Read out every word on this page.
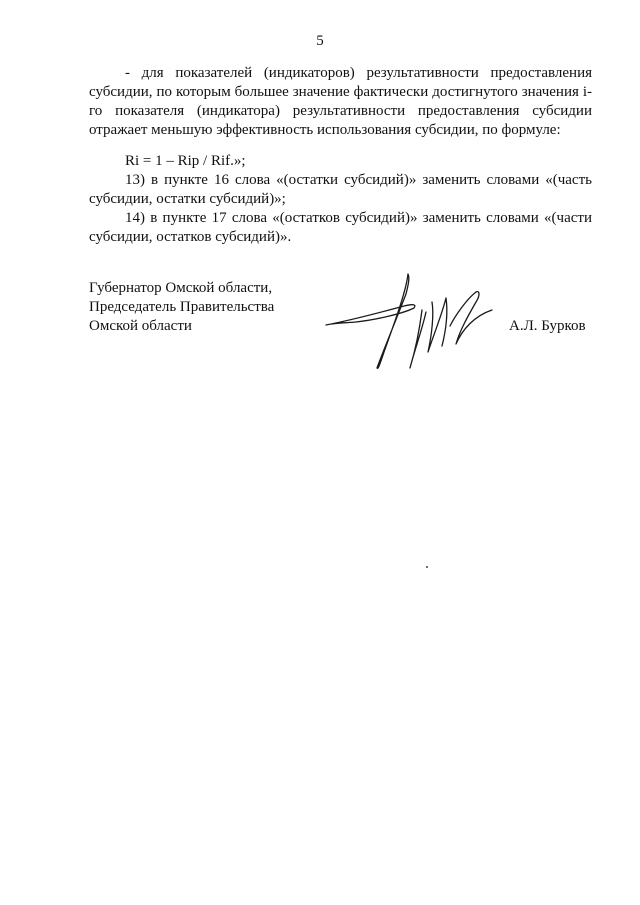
5

- для показателей (индикаторов) результативности предоставления субсидии, по которым большее значение фактически достигнутого значения i-го показателя (индикатора) результативности предоставления субсидии отражает меньшую эффективность использования субсидии, по формуле:

Ri = 1 – Rip / Rif.»;

13) в пункте 16 слова «(остатки субсидий)» заменить словами «(часть субсидии, остатки субсидий)»;

14) в пункте 17 слова «(остатков субсидий)» заменить словами «(части субсидии, остатков субсидий)».

Губернатор Омской области,
Председатель Правительства
Омской области	А.Л. Бурков
